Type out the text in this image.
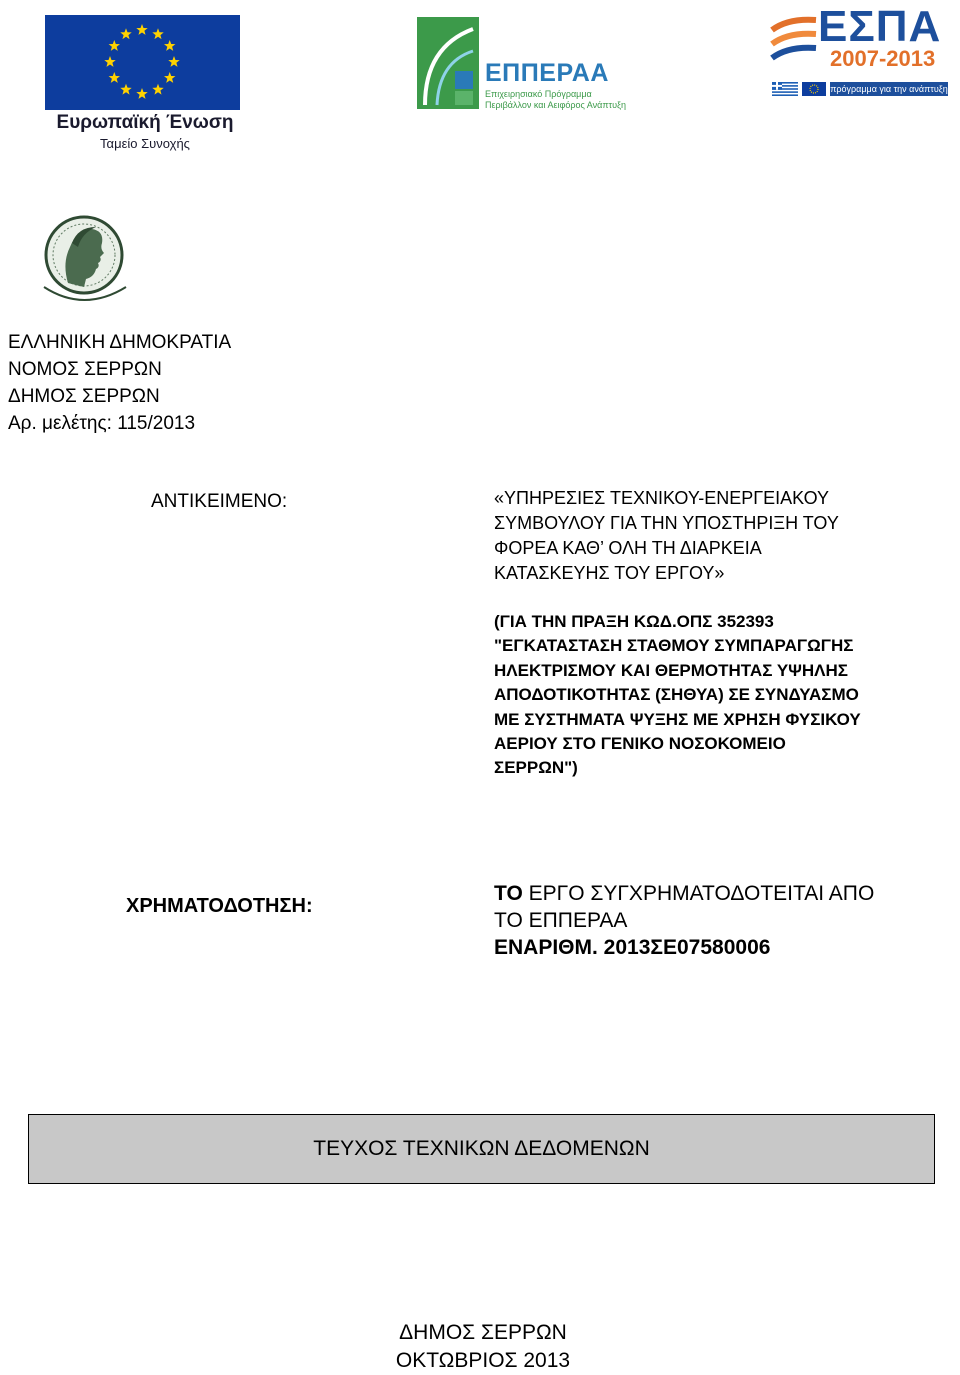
Ευρωπαϊκή Ένωση
Ταμείο Συνοχής
ΕΠΠΕΡΑΑ
Επιχειρησιακό Πρόγραμμα
Περιβάλλον και Αειφόρος Ανάπτυξη
ΕΣΠΑ
2007-2013
πρόγραμμα για την ανάπτυξη
ΕΛΛΗΝΙΚΗ ΔΗΜΟΚΡΑΤΙΑ
ΝΟΜΟΣ ΣΕΡΡΩΝ
ΔΗΜΟΣ ΣΕΡΡΩΝ
Αρ. μελέτης: 115/2013
ΑΝΤΙΚΕΙΜΕΝΟ:	«ΥΠΗΡΕΣΙΕΣ ΤΕΧΝΙΚΟΥ-ΕΝΕΡΓΕΙΑΚΟΥ
ΣΥΜΒΟΥΛΟΥ ΓΙΑ ΤΗΝ ΥΠΟΣΤΗΡΙΞΗ ΤΟΥ
ΦΟΡΕΑ ΚΑΘ’ ΟΛΗ ΤΗ ΔΙΑΡΚΕΙΑ
ΚΑΤΑΣΚΕΥΗΣ ΤΟΥ ΕΡΓΟΥ»
(ΓΙΑ ΤΗΝ ΠΡΑΞΗ ΚΩΔ.ΟΠΣ 352393
"ΕΓΚΑΤΑΣΤΑΣΗ ΣΤΑΘΜΟΥ ΣΥΜΠΑΡΑΓΩΓΗΣ
ΗΛΕΚΤΡΙΣΜΟΥ ΚΑΙ ΘΕΡΜΟΤΗΤΑΣ ΥΨΗΛΗΣ
ΑΠΟΔΟΤΙΚΟΤΗΤΑΣ (ΣΗΘΥΑ) ΣΕ ΣΥΝΔΥΑΣΜΟ
ΜΕ ΣΥΣΤΗΜΑΤΑ ΨΥΞΗΣ ΜΕ ΧΡΗΣΗ ΦΥΣΙΚΟΥ
ΑΕΡΙΟΥ ΣΤΟ ΓΕΝΙΚΟ ΝΟΣΟΚΟΜΕΙΟ
ΣΕΡΡΩΝ")
ΧΡΗΜΑΤΟΔΟΤΗΣΗ:
ΤΟ ΕΡΓΟ ΣΥΓΧΡΗΜΑΤΟΔΟΤΕΙΤΑΙ ΑΠΟ
ΤΟ ΕΠΠΕΡΑΑ
ΕΝΑΡΙΘΜ. 2013ΣΕ07580006
ΤΕΥΧΟΣ ΤΕΧΝΙΚΩΝ ΔΕΔΟΜΕΝΩΝ
ΔΗΜΟΣ ΣΕΡΡΩΝ
ΟΚΤΩΒΡΙΟΣ 2013
